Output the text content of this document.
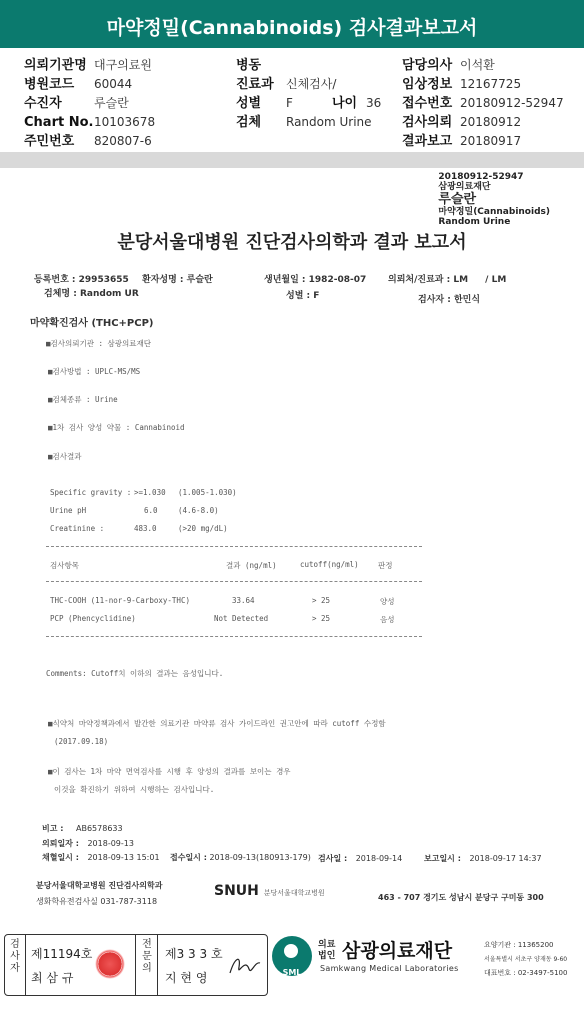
마약정밀(Cannabinoids) 검사결과보고서
의뢰기관명 대구의료원
병원코드 60044
수진자	루슬란
Chart No.10103678
주민번호 820807-6
병동
진료과 신체검사/
성별 F	나이 36
검체 Random Urine
담당의사 이석환
임상정보 12167725
접수번호 20180912-52947
검사의뢰 20180912
결과보고 20180917
20180912-52947
삼광의료재단
루슬란
마약정밀(Cannabinoids)
Random Urine
분당서울대병원 진단검사의학과 결과 보고서
등록번호 : 29953655 환자성명 : 루슬란	생년월일 : 1982-08-07 의뢰처/진료과 : LM / LM
검체명 : Random UR	성별 : F	검사자 : 한민식
마약확진검사 (THC+PCP)
■검사의뢰기관 : 삼광의료재단
■검사방법 : UPLC-MS/MS
■검체종류 : Urine
■1차 검사 양성 약물 : Cannabinoid
■검사결과
Specific gravity : >=1.030 (1.005-1.030)
Urine pH	6.0	(4.6-8.0)
Creatinine :	483.0	(>20 mg/dL)
검사항목	결과 (ng/ml)	cutoff(ng/ml)	판정
THC-COOH (11-nor-9-Carboxy-THC)	33.64	> 25	양성
PCP (Phencyclidine)	Not Detected	> 25	음성
Comments: Cutoff치 이하의 결과는 음성입니다.
■식약처 마약정책과에서 발간한 의료기관 마약류 검사 가이드라인 권고안에 따라 cutoff 수정함
(2017.09.18)
■이 검사는 1차 마약 면역검사를 시행 후 양성의 결과를 보이는 경우
이것을 확진하기 위하여 시행하는 검사입니다.
비고 : AB6578633
의뢰일자 : 2018-09-13
채혈일시 : 2018-09-13 15:01 접수일시 : 2018-09-13(180913-179) 검사일 : 2018-09-14	보고일시 : 2018-09-17 14:37
분당서울대학교병원 진단검사의학과
생화학유전검사실 031-787-3118
SNUH 분당서울대학교병원	463 - 707 경기도 성남시 분당구 구미동 300
검사자
제11194호
최 삼 규
전문의
제3 3 3 호
지 현 영	SML
의료
법인 삼광의료재단
Samkwang Medical Laboratories
요양기관 : 11365200
서울특별시 서초구 양재동 9-60
대표번호 : 02-3497-5100
